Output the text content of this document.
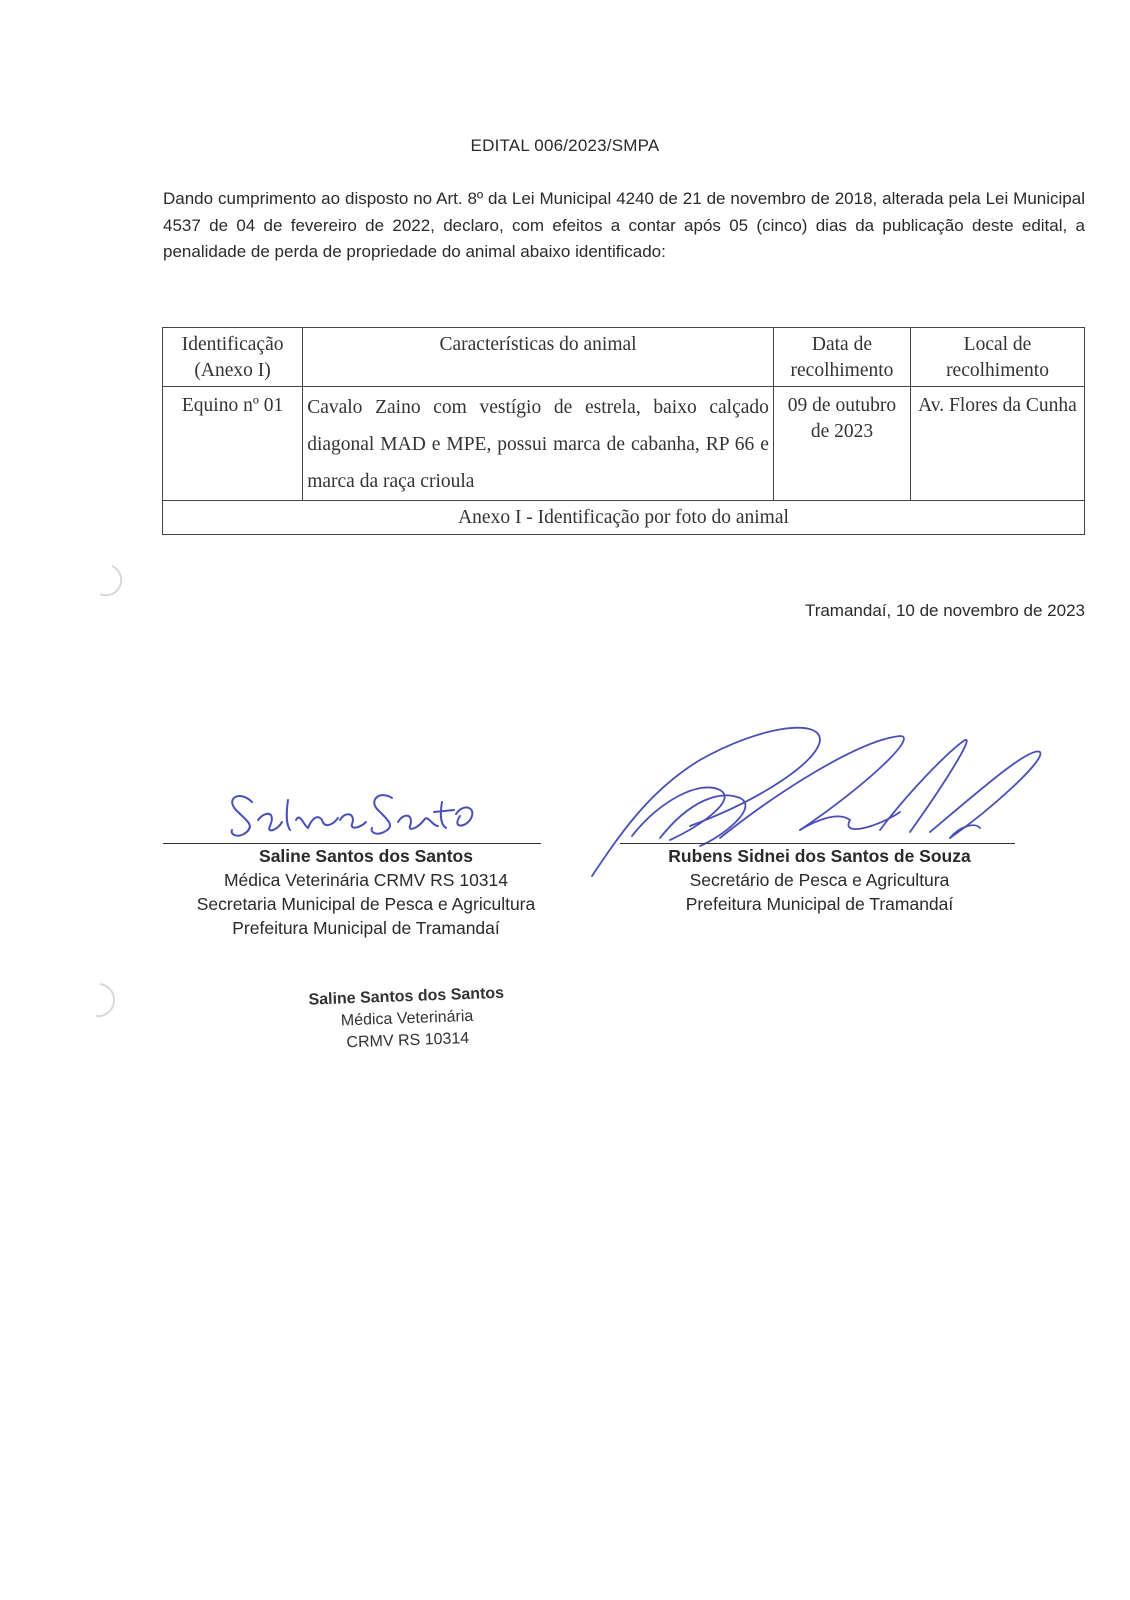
EDITAL 006/2023/SMPA

Dando cumprimento ao disposto no Art. 8º da Lei Municipal 4240 de 21 de novembro de 2018, alterada pela Lei Municipal 4537 de 04 de fevereiro de 2022, declaro, com efeitos a contar após 05 (cinco) dias da publicação deste edital, a penalidade de perda de propriedade do animal abaixo identificado:

Identificação (Anexo I)	Características do animal	Data de recolhimento	Local de recolhimento
Equino nº 01	Cavalo Zaino com vestígio de estrela, baixo calçado diagonal MAD e MPE, possui marca de cabanha, RP 66 e marca da raça crioula	09 de outubro de 2023	Av. Flores da Cunha
Anexo I - Identificação por foto do animal			
Tramandaí, 10 de novembro de 2023
Saline Santos dos Santos
Médica Veterinária CRMV RS 10314
Secretaria Municipal de Pesca e Agricultura
Prefeitura Municipal de Tramandaí
Rubens Sidnei dos Santos de Souza
Secretário de Pesca e Agricultura
Prefeitura Municipal de Tramandaí
Saline Santos dos Santos
Médica Veterinária
CRMV RS 10314
